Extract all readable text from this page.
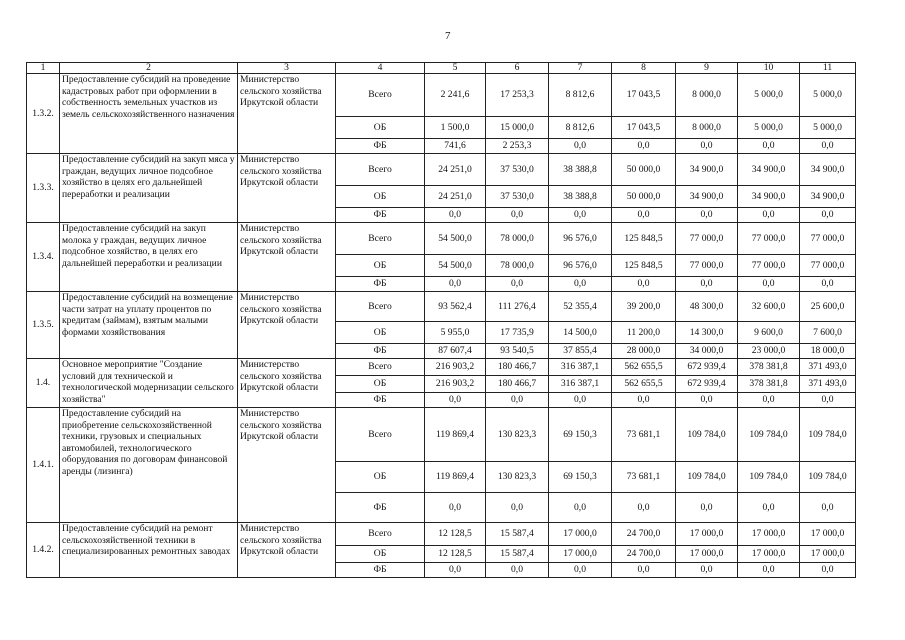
7
1	2	3	4	5	6	7	8	9	10	11
1.3.2.	Предоставление субсидий на проведение кадастровых работ при оформлении в собственность земельных участков из земель сельскохозяйственного назначения	Министерство сельского хозяйства Иркутской области	Всего	2 241,6	17 253,3	8 812,6	17 043,5	8 000,0	5 000,0	5 000,0
			ОБ	1 500,0	15 000,0	8 812,6	17 043,5	8 000,0	5 000,0	5 000,0
			ФБ	741,6	2 253,3	0,0	0,0	0,0	0,0	0,0
1.3.3.	Предоставление субсидий на закуп мяса у граждан, ведущих личное подсобное хозяйство в целях его дальнейшей переработки и реализации	Министерство сельского хозяйства Иркутской области	Всего	24 251,0	37 530,0	38 388,8	50 000,0	34 900,0	34 900,0	34 900,0
			ОБ	24 251,0	37 530,0	38 388,8	50 000,0	34 900,0	34 900,0	34 900,0
			ФБ	0,0	0,0	0,0	0,0	0,0	0,0	0,0
1.3.4.	Предоставление субсидий на закуп молока у граждан, ведущих личное подсобное хозяйство, в целях его дальнейшей переработки и реализации	Министерство сельского хозяйства Иркутской области	Всего	54 500,0	78 000,0	96 576,0	125 848,5	77 000,0	77 000,0	77 000,0
			ОБ	54 500,0	78 000,0	96 576,0	125 848,5	77 000,0	77 000,0	77 000,0
			ФБ	0,0	0,0	0,0	0,0	0,0	0,0	0,0
1.3.5.	Предоставление субсидий на возмещение части затрат на уплату процентов по кредитам (займам), взятым малыми формами хозяйствования	Министерство сельского хозяйства Иркутской области	Всего	93 562,4	111 276,4	52 355,4	39 200,0	48 300,0	32 600,0	25 600,0
			ОБ	5 955,0	17 735,9	14 500,0	11 200,0	14 300,0	9 600,0	7 600,0
			ФБ	87 607,4	93 540,5	37 855,4	28 000,0	34 000,0	23 000,0	18 000,0
1.4.	Основное мероприятие "Создание условий для технической и технологической модернизации сельского хозяйства"	Министерство сельского хозяйства Иркутской области	Всего	216 903,2	180 466,7	316 387,1	562 655,5	672 939,4	378 381,8	371 493,0
			ОБ	216 903,2	180 466,7	316 387,1	562 655,5	672 939,4	378 381,8	371 493,0
			ФБ	0,0	0,0	0,0	0,0	0,0	0,0	0,0
1.4.1.	Предоставление субсидий на приобретение сельскохозяйственной техники, грузовых и специальных автомобилей, технологического оборудования по договорам финансовой аренды (лизинга)	Министерство сельского хозяйства Иркутской области	Всего	119 869,4	130 823,3	69 150,3	73 681,1	109 784,0	109 784,0	109 784,0
			ОБ	119 869,4	130 823,3	69 150,3	73 681,1	109 784,0	109 784,0	109 784,0
			ФБ	0,0	0,0	0,0	0,0	0,0	0,0	0,0
1.4.2.	Предоставление субсидий на ремонт сельскохозяйственной техники в специализированных ремонтных заводах	Министерство сельского хозяйства Иркутской области	Всего	12 128,5	15 587,4	17 000,0	24 700,0	17 000,0	17 000,0	17 000,0
			ОБ	12 128,5	15 587,4	17 000,0	24 700,0	17 000,0	17 000,0	17 000,0
			ФБ	0,0	0,0	0,0	0,0	0,0	0,0	0,0
